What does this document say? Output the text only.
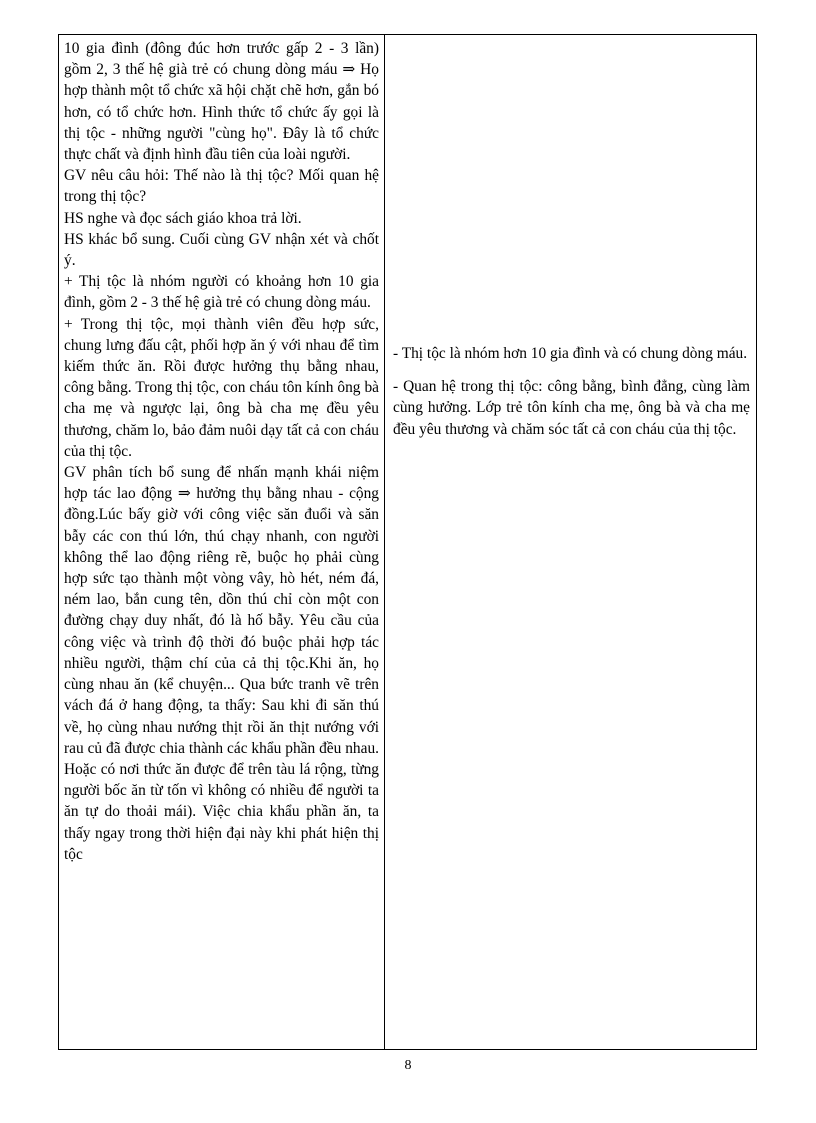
10 gia đình (đông đúc hơn trước gấp 2 - 3 lần) gồm 2, 3 thế hệ già trẻ có chung dòng máu ⇒ Họ hợp thành một tổ chức xã hội chặt chẽ hơn, gắn bó hơn, có tổ chức hơn. Hình thức tổ chức ấy gọi là thị tộc - những người "cùng họ". Đây là tổ chức thực chất và định hình đầu tiên của loài người.

GV nêu câu hỏi: Thế nào là thị tộc? Mối quan hệ trong thị tộc?

HS nghe và đọc sách giáo khoa trả lời.

HS khác bổ sung. Cuối cùng GV nhận xét và chốt ý.

+ Thị tộc là nhóm người có khoảng hơn 10 gia đình, gồm 2 - 3 thế hệ già trẻ có chung dòng máu.

+ Trong thị tộc, mọi thành viên đều hợp sức, chung lưng đấu cật, phối hợp ăn ý với nhau để tìm kiếm thức ăn. Rồi được hưởng thụ bằng nhau, công bằng. Trong thị tộc, con cháu tôn kính ông bà cha mẹ và ngược lại, ông bà cha mẹ đều yêu thương, chăm lo, bảo đảm nuôi dạy tất cả con cháu của thị tộc.

GV phân tích bổ sung để nhấn mạnh khái niệm hợp tác lao động ⇒ hưởng thụ bằng nhau - cộng đồng.Lúc bấy giờ với công việc săn đuổi và săn bẫy các con thú lớn, thú chạy nhanh, con người không thể lao động riêng rẽ, buộc họ phải cùng hợp sức tạo thành một vòng vây, hò hét, ném đá, ném lao, bắn cung tên, dồn thú chỉ còn một con đường chạy duy nhất, đó là hố bẫy. Yêu cầu của công việc và trình độ thời đó buộc phải hợp tác nhiều người, thậm chí của cả thị tộc.Khi ăn, họ cùng nhau ăn (kể chuyện... Qua bức tranh vẽ trên vách đá ở hang động, ta thấy: Sau khi đi săn thú về, họ cùng nhau nướng thịt rồi ăn thịt nướng với rau củ đã được chia thành các khẩu phần đều nhau. Hoặc có nơi thức ăn được để trên tàu lá rộng, từng người bốc ăn từ tốn vì không có nhiều để người ta ăn tự do thoải mái). Việc chia khẩu phần ăn, ta thấy ngay trong thời hiện đại này khi phát hiện thị tộc

- Thị tộc là nhóm hơn 10 gia đình và có chung dòng máu.

- Quan hệ trong thị tộc: công bằng, bình đẳng, cùng làm cùng hưởng. Lớp trẻ tôn kính cha mẹ, ông bà và cha mẹ đều yêu thương và chăm sóc tất cả con cháu của thị tộc.

8
